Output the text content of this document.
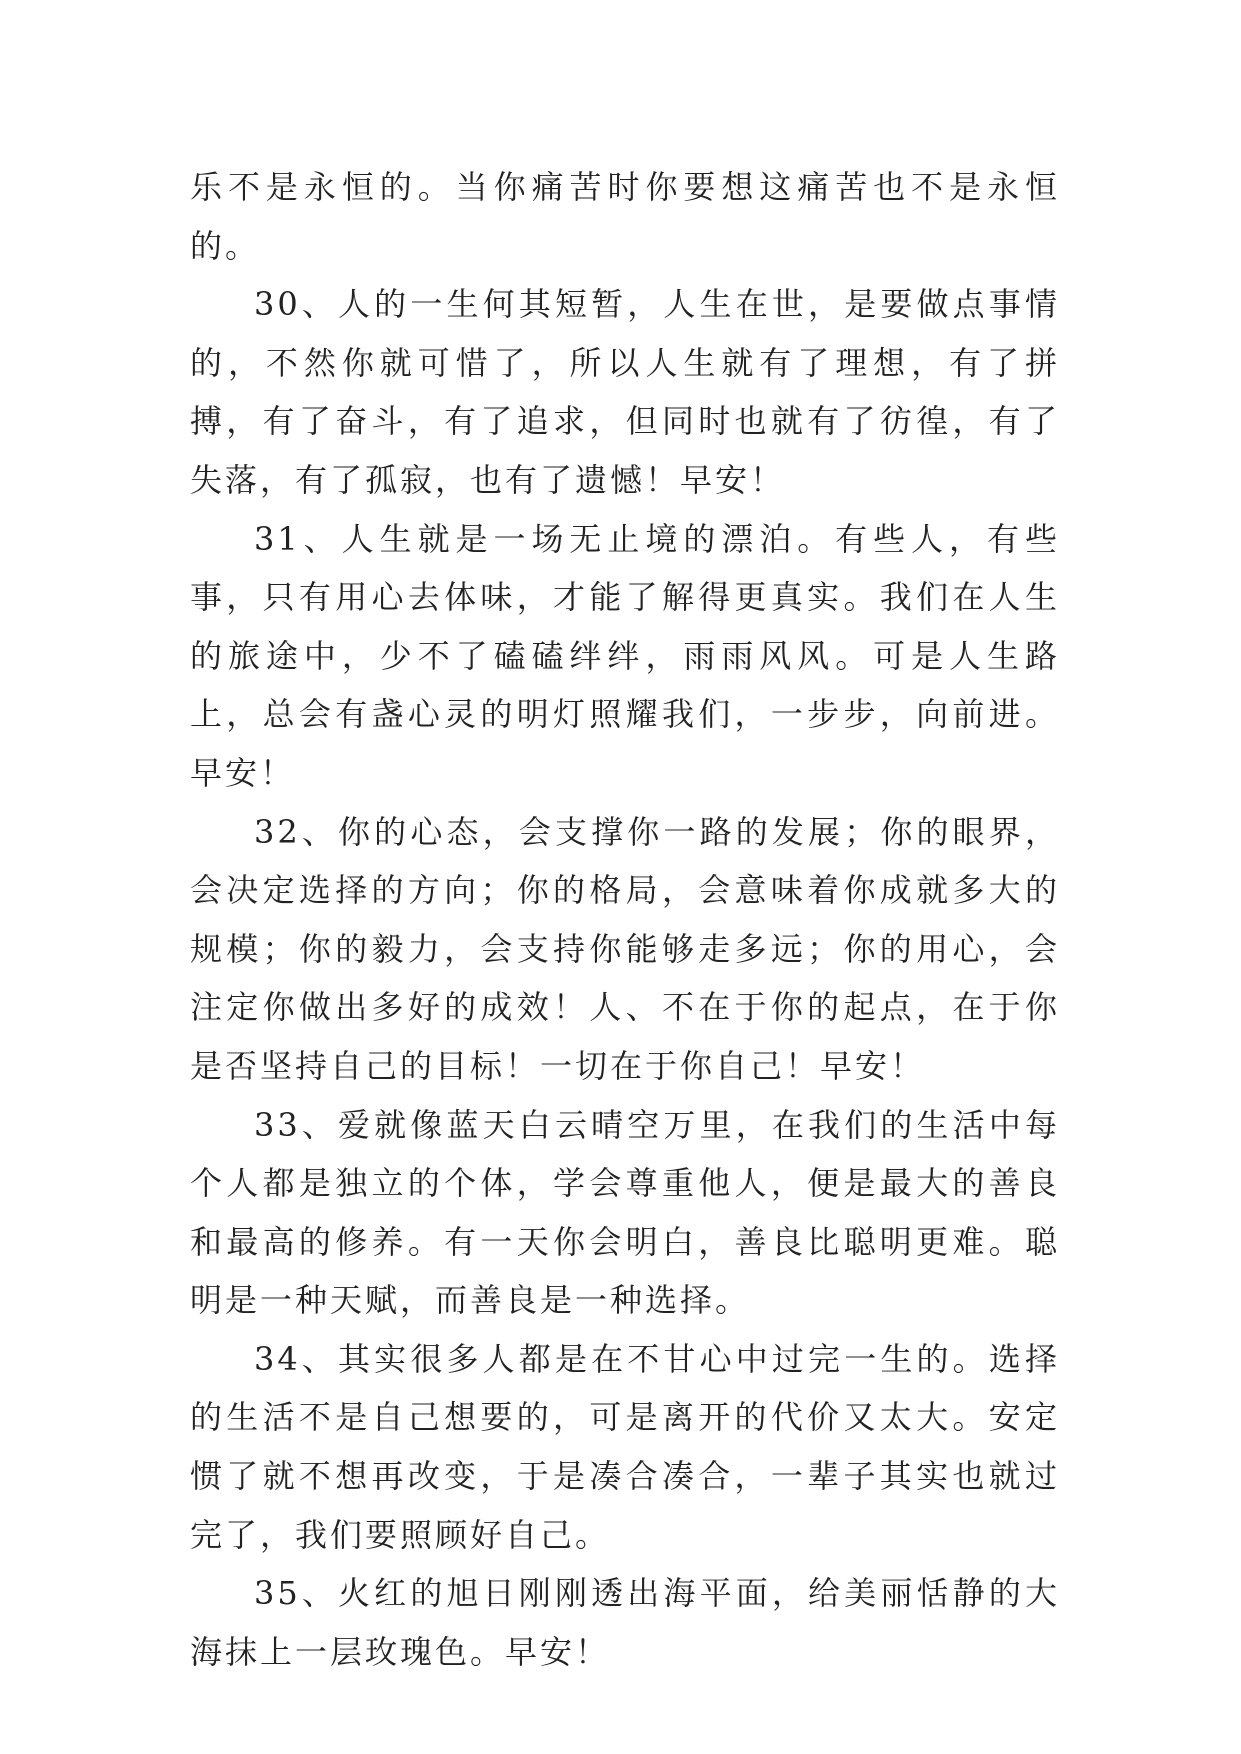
乐不是永恒的。当你痛苦时你要想这痛苦也不是永恒的。

30、人的一生何其短暂，人生在世，是要做点事情的，不然你就可惜了，所以人生就有了理想，有了拼搏，有了奋斗，有了追求，但同时也就有了彷徨，有了失落，有了孤寂，也有了遗憾！早安！

31、人生就是一场无止境的漂泊。有些人，有些事，只有用心去体味，才能了解得更真实。我们在人生的旅途中，少不了磕磕绊绊，雨雨风风。可是人生路上，总会有盏心灵的明灯照耀我们，一步步，向前进。早安！

32、你的心态，会支撑你一路的发展；你的眼界，会决定选择的方向；你的格局，会意味着你成就多大的规模；你的毅力，会支持你能够走多远；你的用心，会注定你做出多好的成效！人、不在于你的起点，在于你是否坚持自己的目标！一切在于你自己！早安！

33、爱就像蓝天白云晴空万里，在我们的生活中每个人都是独立的个体，学会尊重他人，便是最大的善良和最高的修养。有一天你会明白，善良比聪明更难。聪明是一种天赋，而善良是一种选择。

34、其实很多人都是在不甘心中过完一生的。选择的生活不是自己想要的，可是离开的代价又太大。安定惯了就不想再改变，于是凑合凑合，一辈子其实也就过完了，我们要照顾好自己。

35、火红的旭日刚刚透出海平面，给美丽恬静的大海抹上一层玫瑰色。早安！
